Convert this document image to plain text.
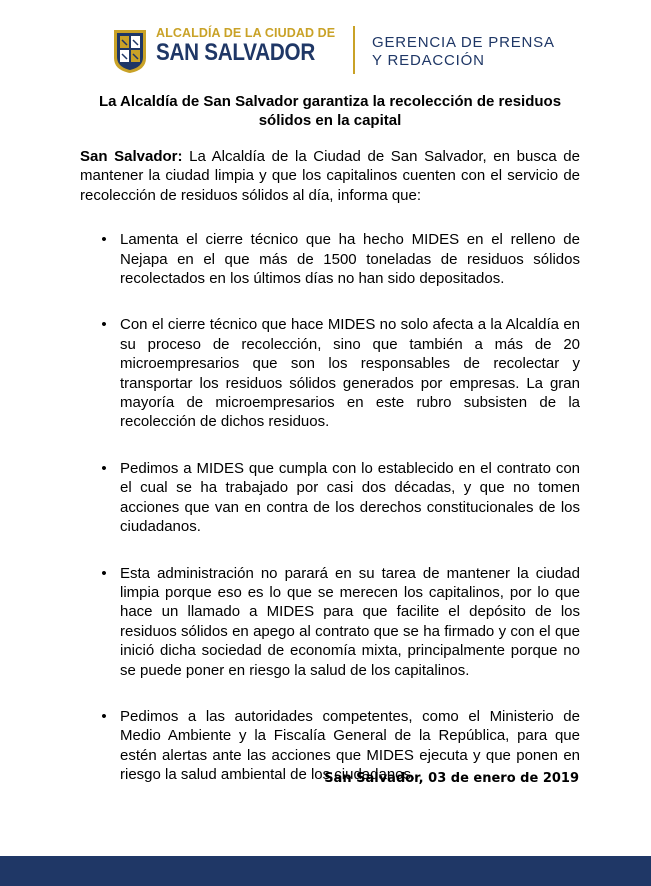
ALCALDÍA DE LA CIUDAD DE
SAN SALVADOR	GERENCIA DE PRENSA
Y REDACCIÓN
La Alcaldía de San Salvador garantiza la recolección de residuos sólidos en la capital

San Salvador: La Alcaldía de la Ciudad de San Salvador, en busca de mantener la ciudad limpia y que los capitalinos cuenten con el servicio de recolección de residuos sólidos al día, informa que:

• Lamenta el cierre técnico que ha hecho MIDES en el relleno de Nejapa en el que más de 1500 toneladas de residuos sólidos recolectados en los últimos días no han sido depositados.
• Con el cierre técnico que hace MIDES no solo afecta a la Alcaldía en su proceso de recolección, sino que también a más de 20 microempresarios que son los responsables de recolectar y transportar los residuos sólidos generados por empresas. La gran mayoría de microempresarios en este rubro subsisten de la recolección de dichos residuos.
• Pedimos a MIDES que cumpla con lo establecido en el contrato con el cual se ha trabajado por casi dos décadas, y que no tomen acciones que van en contra de los derechos constitucionales de los ciudadanos.
• Esta administración no parará en su tarea de mantener la ciudad limpia porque eso es lo que se merecen los capitalinos, por lo que hace un llamado a MIDES para que facilite el depósito de los residuos sólidos en apego al contrato que se ha firmado y con el que inició dicha sociedad de economía mixta, principalmente porque no se puede poner en riesgo la salud de los capitalinos.
• Pedimos a las autoridades competentes, como el Ministerio de Medio Ambiente y la Fiscalía General de la República, para que estén alertas ante las acciones que MIDES ejecuta y que ponen en riesgo la salud ambiental de los ciudadanos.
San Salvador, 03 de enero de 2019
